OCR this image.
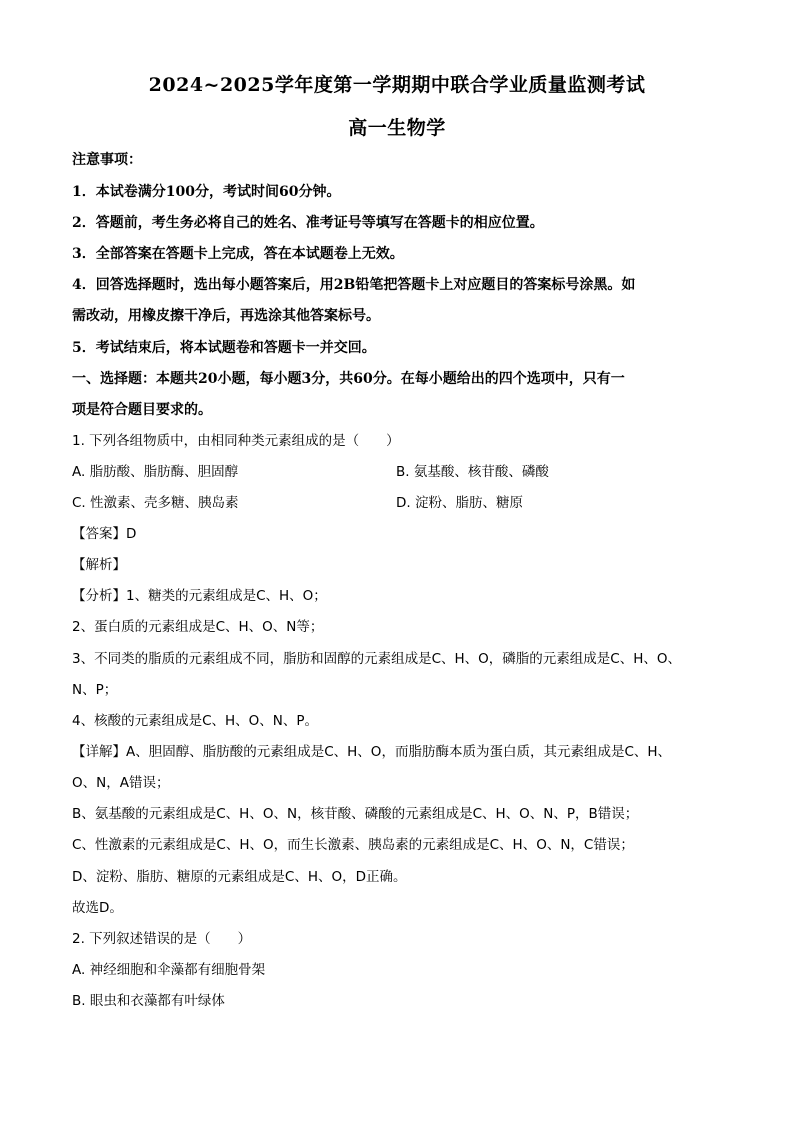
2024~2025学年度第一学期期中联合学业质量监测考试
高一生物学
注意事项：
1．本试卷满分100分，考试时间60分钟。
2．答题前，考生务必将自己的姓名、准考证号等填写在答题卡的相应位置。
3．全部答案在答题卡上完成，答在本试题卷上无效。
4．回答选择题时，选出每小题答案后，用2B铅笔把答题卡上对应题目的答案标号涂黑。如
需改动，用橡皮擦干净后，再选涂其他答案标号。
5．考试结束后，将本试题卷和答题卡一并交回。
一、选择题：本题共20小题，每小题3分，共60分。在每小题给出的四个选项中，只有一
项是符合题目要求的。
1. 下列各组物质中，由相同种类元素组成的是（　　）
A. 脂肪酸、脂肪酶、胆固醇	B. 氨基酸、核苷酸、磷酸
C. 性激素、壳多糖、胰岛素	D. 淀粉、脂肪、糖原
【答案】D
【解析】
【分析】1、糖类的元素组成是C、H、O；
2、蛋白质的元素组成是C、H、O、N等；
3、不同类的脂质的元素组成不同，脂肪和固醇的元素组成是C、H、O，磷脂的元素组成是C、H、O、
N、P；
4、核酸的元素组成是C、H、O、N、P。
【详解】A、胆固醇、脂肪酸的元素组成是C、H、O，而脂肪酶本质为蛋白质，其元素组成是C、H、
O、N，A错误；
B、氨基酸的元素组成是C、H、O、N，核苷酸、磷酸的元素组成是C、H、O、N、P，B错误；
C、性激素的元素组成是C、H、O，而生长激素、胰岛素的元素组成是C、H、O、N，C错误；
D、淀粉、脂肪、糖原的元素组成是C、H、O，D正确。
故选D。
2. 下列叙述错误的是（　　）
A. 神经细胞和伞藻都有细胞骨架
B. 眼虫和衣藻都有叶绿体
